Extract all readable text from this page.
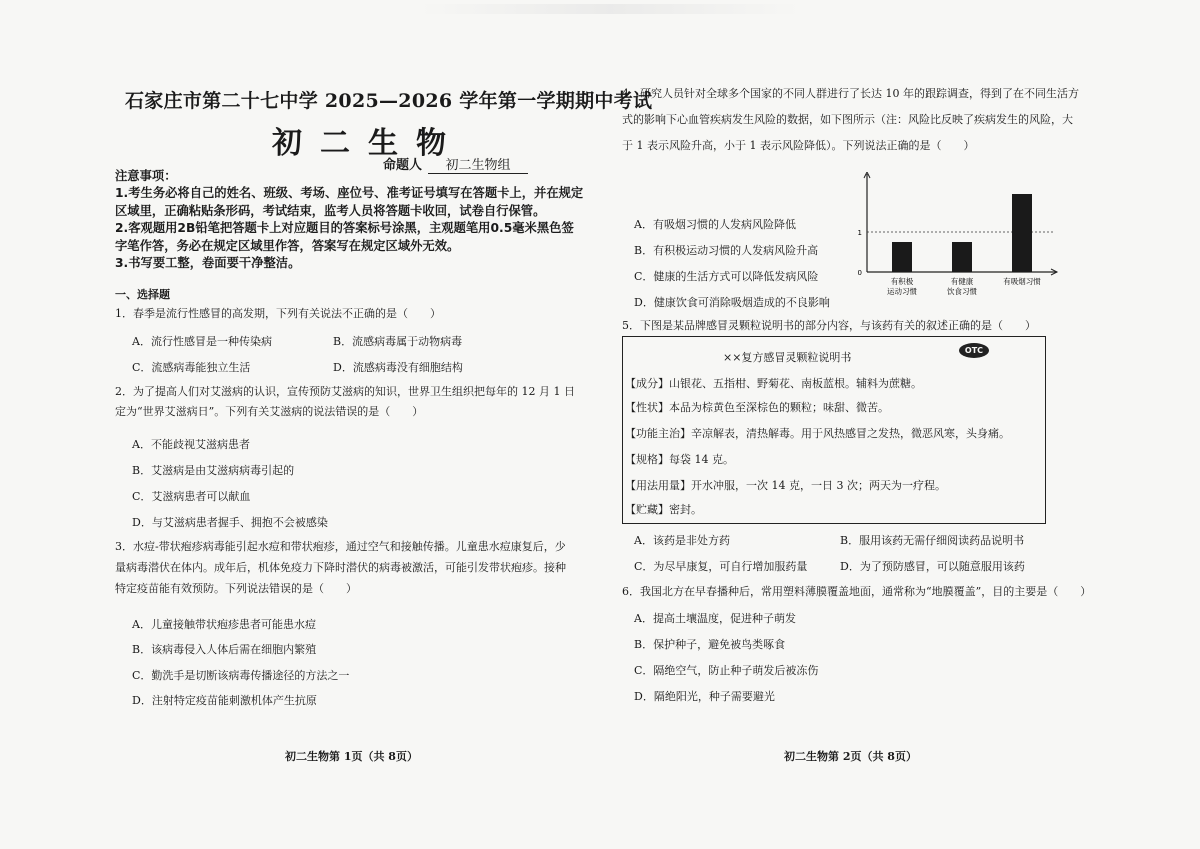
石家庄市第二十七中学 2025—2026 学年第一学期期中考试
初二生物
命题人	初二生物组
注意事项：
1.考生务必将自己的姓名、班级、考场、座位号、准考证号填写在答题卡上，并在规定区域里，正确粘贴条形码，考试结束，监考人员将答题卡收回，试卷自行保管。
2.客观题用2B铅笔把答题卡上对应题目的答案标号涂黑，主观题笔用0.5毫米黑色签字笔作答，务必在规定区域里作答，答案写在规定区域外无效。
3.书写要工整，卷面要干净整洁。
一、选择题
1．春季是流行性感冒的高发期，下列有关说法不正确的是（　　）
A．流行性感冒是一种传染病	B．流感病毒属于动物病毒
C．流感病毒能独立生活	D．流感病毒没有细胞结构
2．为了提高人们对艾滋病的认识，宣传预防艾滋病的知识，世界卫生组织把每年的 12 月 1 日
定为“世界艾滋病日”。下列有关艾滋病的说法错误的是（　　）
A．不能歧视艾滋病患者
B．艾滋病是由艾滋病病毒引起的
C．艾滋病患者可以献血
D．与艾滋病患者握手、拥抱不会被感染
3．水痘-带状疱疹病毒能引起水痘和带状疱疹，通过空气和接触传播。儿童患水痘康复后，少
量病毒潜伏在体内。成年后，机体免疫力下降时潜伏的病毒被激活，可能引发带状疱疹。接种
特定疫苗能有效预防。下列说法错误的是（　　）
A．儿童接触带状疱疹患者可能患水痘
B．该病毒侵入人体后需在细胞内繁殖
C．勤洗手是切断该病毒传播途径的方法之一
D．注射特定疫苗能刺激机体产生抗原
初二生物第 1页（共 8页）
4．研究人员针对全球多个国家的不同人群进行了长达 10 年的跟踪调查，得到了在不同生活方
式的影响下心血管疾病发生风险的数据，如下图所示（注：风险比反映了疾病发生的风险，大
于 1 表示风险升高，小于 1 表示风险降低）。下列说法正确的是（　　）
A．有吸烟习惯的人发病风险降低
B．有积极运动习惯的人发病风险升高
C．健康的生活方式可以降低发病风险
D．健康饮食可消除吸烟造成的不良影响
1
0
有积极
运动习惯
有健康
饮食习惯
有吸烟习惯
5．下图是某品牌感冒灵颗粒说明书的部分内容，与该药有关的叙述正确的是（　　）
××复方感冒灵颗粒说明书
OTC
【成分】山银花、五指柑、野菊花、南板蓝根。辅料为蔗糖。
【性状】本品为棕黄色至深棕色的颗粒；味甜、微苦。
【功能主治】辛凉解表，清热解毒。用于风热感冒之发热，微恶风寒，头身痛。
【规格】每袋 14 克。
【用法用量】开水冲服，一次 14 克，一日 3 次；两天为一疗程。
【贮藏】密封。
A．该药是非处方药	B．服用该药无需仔细阅读药品说明书
C．为尽早康复，可自行增加服药量	D．为了预防感冒，可以随意服用该药
6．我国北方在早春播种后，常用塑料薄膜覆盖地面，通常称为“地膜覆盖”，目的主要是（　　）
A．提高土壤温度，促进种子萌发
B．保护种子，避免被鸟类啄食
C．隔绝空气，防止种子萌发后被冻伤
D．隔绝阳光，种子需要避光
初二生物第 2页（共 8页）
